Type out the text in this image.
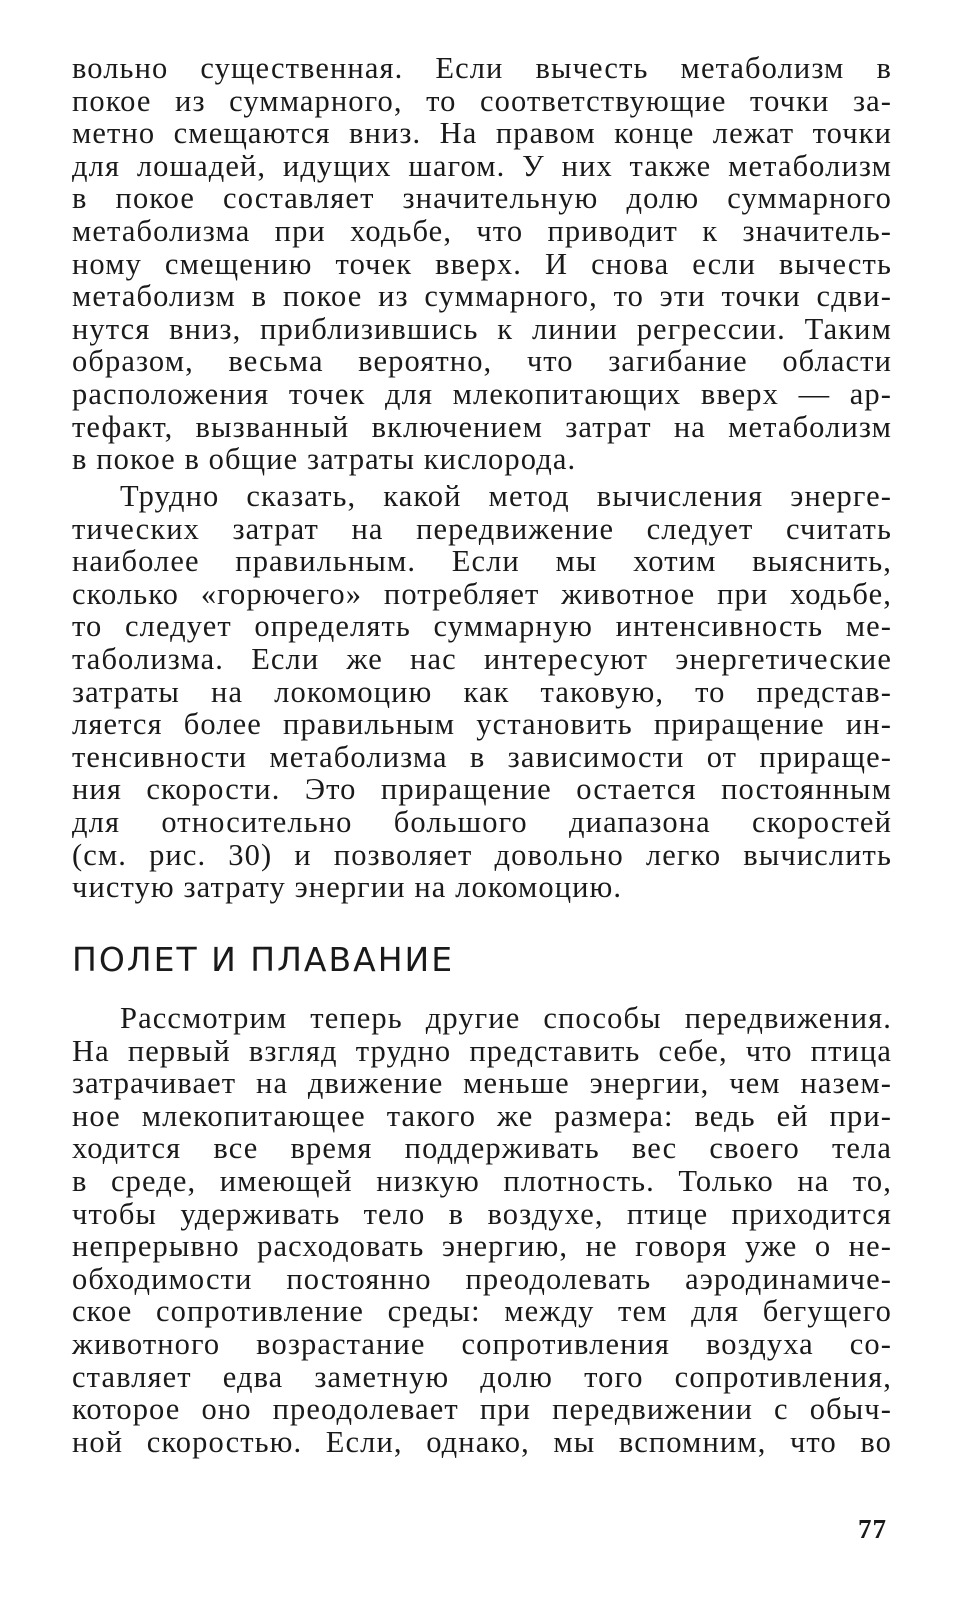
вольно существенная. Если вычесть метаболизм в
покое из суммарного, то соответствующие точки за-
метно смещаются вниз. На правом конце лежат точки
для лошадей, идущих шагом. У них также метаболизм
в покое составляет значительную долю суммарного
метаболизма при ходьбе, что приводит к значитель-
ному смещению точек вверх. И снова если вычесть
метаболизм в покое из суммарного, то эти точки сдви-
нутся вниз, приблизившись к линии регрессии. Таким
образом, весьма вероятно, что загибание области
расположения точек для млекопитающих вверх — ар-
тефакт, вызванный включением затрат на метаболизм
в покое в общие затраты кислорода.
Трудно сказать, какой метод вычисления энерге-
тических затрат на передвижение следует считать
наиболее правильным. Если мы хотим выяснить,
сколько «горючего» потребляет животное при ходьбе,
то следует определять суммарную интенсивность ме-
таболизма. Если же нас интересуют энергетические
затраты на локомоцию как таковую, то представ-
ляется более правильным установить приращение ин-
тенсивности метаболизма в зависимости от прираще-
ния скорости. Это приращение остается постоянным
для относительно большого диапазона скоростей
(см. рис. 30) и позволяет довольно легко вычислить
чистую затрату энергии на локомоцию.
ПОЛЕТ И ПЛАВАНИЕ
Рассмотрим теперь другие способы передвижения.
На первый взгляд трудно представить себе, что птица
затрачивает на движение меньше энергии, чем назем-
ное млекопитающее такого же размера: ведь ей при-
ходится все время поддерживать вес своего тела
в среде, имеющей низкую плотность. Только на то,
чтобы удерживать тело в воздухе, птице приходится
непрерывно расходовать энергию, не говоря уже о не-
обходимости постоянно преодолевать аэродинамиче-
ское сопротивление среды: между тем для бегущего
животного возрастание сопротивления воздуха со-
ставляет едва заметную долю того сопротивления,
которое оно преодолевает при передвижении с обыч-
ной скоростью. Если, однако, мы вспомним, что во
77
